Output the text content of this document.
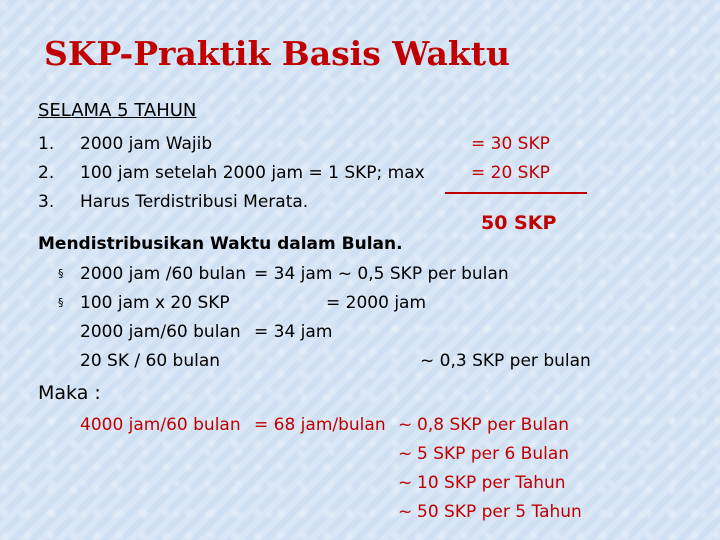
SKP-Praktik Basis Waktu
SELAMA 5 TAHUN
1. 2000 jam Wajib	= 30 SKP
2. 100 jam setelah 2000 jam = 1 SKP; max	= 20 SKP
3. Harus Terdistribusi Merata.
50 SKP
Mendistribusikan Waktu dalam Bulan.
§ 2000 jam /60 bulan = 34 jam ~ 0,5 SKP per bulan
§ 100 jam x 20 SKP	= 2000 jam
2000 jam/60 bulan = 34 jam
20 SK / 60 bulan	~ 0,3 SKP per bulan
Maka :
4000 jam/60 bulan = 68 jam/bulan ~ 0,8 SKP per Bulan
~ 5 SKP per 6 Bulan
~ 10 SKP per Tahun
~ 50 SKP per 5 Tahun
